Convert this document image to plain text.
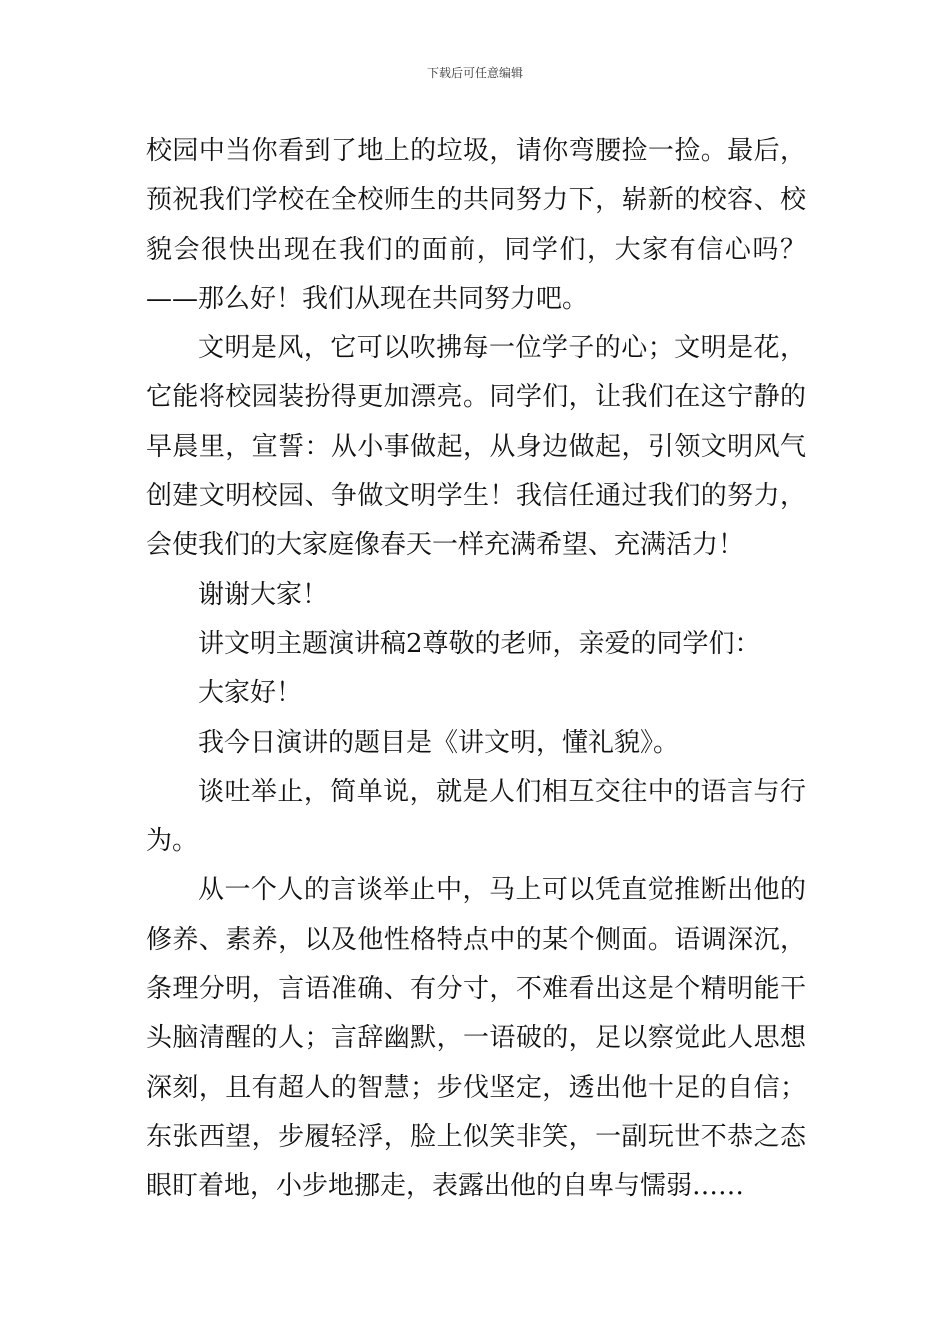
下载后可任意编辑

校园中当你看到了地上的垃圾，请你弯腰捡一捡。最后，预祝我们学校在全校师生的共同努力下，崭新的校容、校貌会很快出现在我们的面前，同学们，大家有信心吗？——那么好！我们从现在共同努力吧。

文明是风，它可以吹拂每一位学子的心；文明是花，它能将校园装扮得更加漂亮。同学们，让我们在这宁静的早晨里，宣誓：从小事做起，从身边做起，引领文明风气创建文明校园、争做文明学生！我信任通过我们的努力，会使我们的大家庭像春天一样充满希望、充满活力！

谢谢大家！

讲文明主题演讲稿2尊敬的老师，亲爱的同学们：

大家好！

我今日演讲的题目是《讲文明，懂礼貌》。

谈吐举止，简单说，就是人们相互交往中的语言与行为。

从一个人的言谈举止中，马上可以凭直觉推断出他的修养、素养，以及他性格特点中的某个侧面。语调深沉，条理分明，言语准确、有分寸，不难看出这是个精明能干头脑清醒的人；言辞幽默，一语破的，足以察觉此人思想深刻，且有超人的智慧；步伐坚定，透出他十足的自信；东张西望，步履轻浮，脸上似笑非笑，一副玩世不恭之态眼盯着地，小步地挪走，表露出他的自卑与懦弱……
